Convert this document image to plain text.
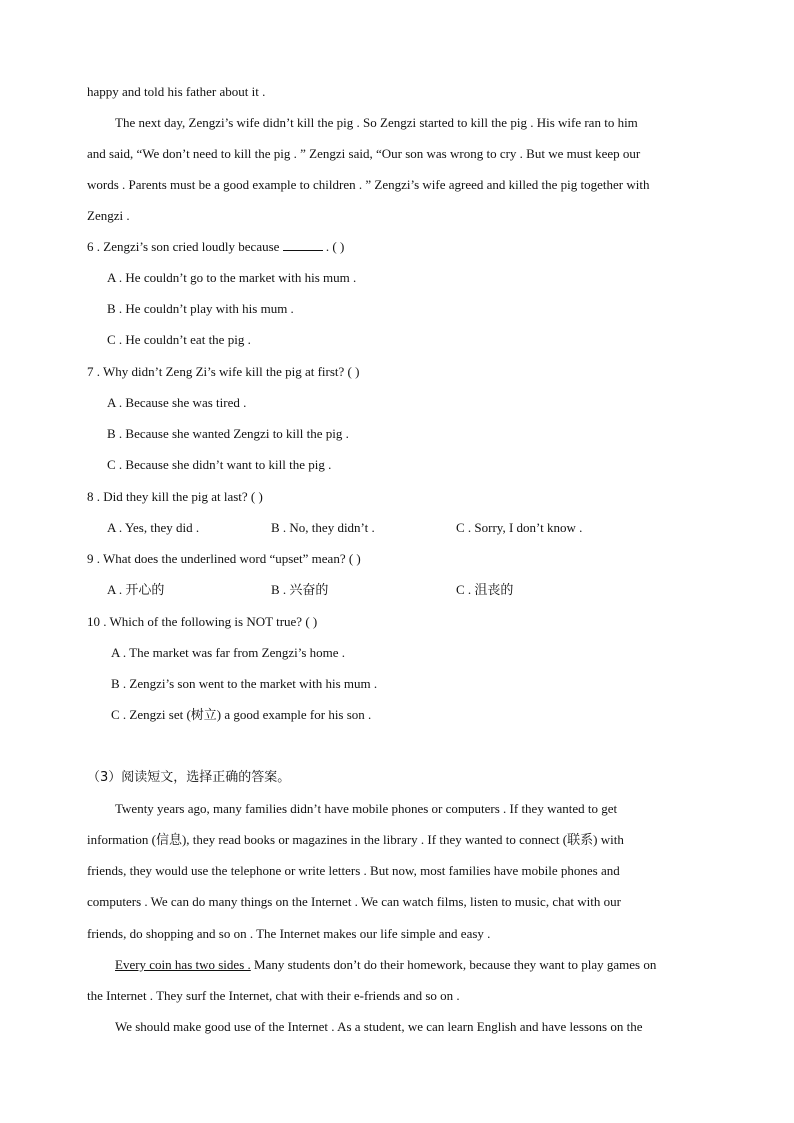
happy and told his father about it .
The next day, Zengzi’s wife didn’t kill the pig . So Zengzi started to kill the pig . His wife ran to him
and said, “We don’t need to kill the pig . ” Zengzi said, “Our son was wrong to cry . But we must keep our
words . Parents must be a good example to children . ” Zengzi’s wife agreed and killed the pig together with
Zengzi .
6 . Zengzi’s son cried loudly because	. ( )
A . He couldn’t go to the market with his mum .
B . He couldn’t play with his mum .
C . He couldn’t eat the pig .
7 . Why didn’t Zeng Zi’s wife kill the pig at first? ( )
A . Because she was tired .
B . Because she wanted Zengzi to kill the pig .
C . Because she didn’t want to kill the pig .
8 . Did they kill the pig at last? ( )
A . Yes, they did .	B . No, they didn’t .	C . Sorry, I don’t know .
9 . What does the underlined word “upset” mean? ( )
A . 开心的	B . 兴奋的	C . 沮丧的
10 . Which of the following is NOT true? ( )
A . The market was far from Zengzi’s home .
B . Zengzi’s son went to the market with his mum .
C . Zengzi set (树立) a good example for his son .
（3）阅读短文，选择正确的答案。
Twenty years ago, many families didn’t have mobile phones or computers . If they wanted to get
information (信息), they read books or magazines in the library . If they wanted to connect (联系) with
friends, they would use the telephone or write letters . But now, most families have mobile phones and
computers . We can do many things on the Internet . We can watch films, listen to music, chat with our
friends, do shopping and so on . The Internet makes our life simple and easy .
Every coin has two sides . Many students don’t do their homework, because they want to play games on
the Internet . They surf the Internet, chat with their e-friends and so on .
We should make good use of the Internet . As a student, we can learn English and have lessons on the
